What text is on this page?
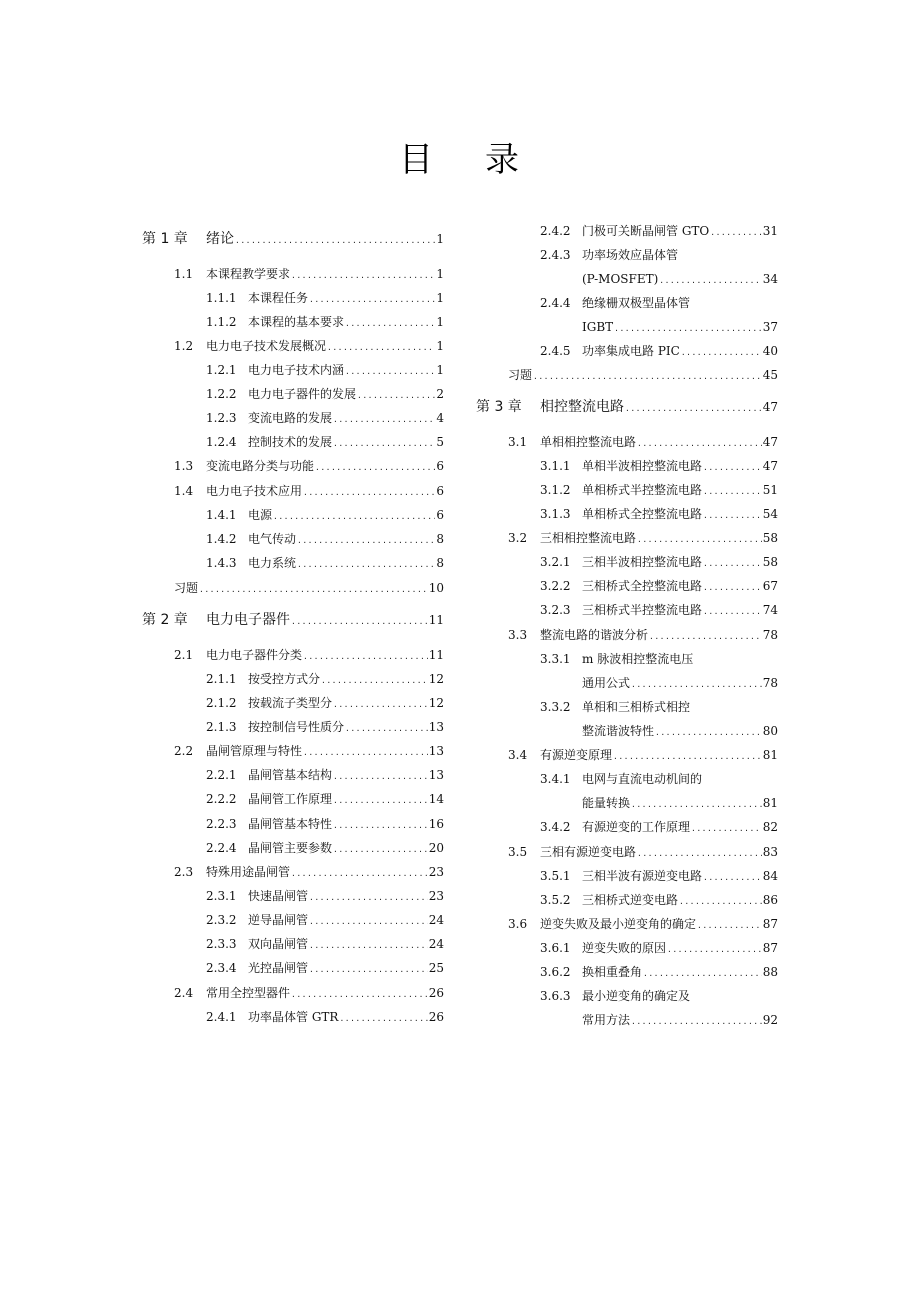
目 录
第 1 章	绪论 .....	1
1.1	本课程教学要求 .....	1
1.1.1 本课程任务 .....	1
1.1.2 本课程的基本要求 .....	1
1.2	电力电子技术发展概况 .....	1
1.2.1 电力电子技术内涵 .....	1
1.2.2 电力电子器件的发展 .....	2
1.2.3 变流电路的发展 .....	4
1.2.4 控制技术的发展 .....	5
1.3	变流电路分类与功能 .....	6
1.4	电力电子技术应用 .....	6
1.4.1 电源 .....	6
1.4.2 电气传动 .....	8
1.4.3 电力系统 .....	8
习题 .....	10
第 2 章	电力电子器件 .....	11
2.1	电力电子器件分类 .....	11
2.1.1 按受控方式分 .....	12
2.1.2 按载流子类型分 .....	12
2.1.3 按控制信号性质分 .....	13
2.2	晶闸管原理与特性 .....	13
2.2.1 晶闸管基本结构 .....	13
2.2.2 晶闸管工作原理 .....	14
2.2.3 晶闸管基本特性 .....	16
2.2.4 晶闸管主要参数 .....	20
2.3	特殊用途晶闸管 .....	23
2.3.1 快速晶闸管 .....	23
2.3.2 逆导晶闸管 .....	24
2.3.3 双向晶闸管 .....	24
2.3.4 光控晶闸管 .....	25
2.4	常用全控型器件 .....	26
2.4.1 功率晶体管 GTR .....	26
2.4.2 门极可关断晶闸管 GTO .....	31
2.4.3 功率场效应晶体管
(P-MOSFET) .....	34
2.4.4 绝缘栅双极型晶体管
IGBT .....	37
2.4.5 功率集成电路 PIC .....	40
习题 .....	45
第 3 章	相控整流电路 .....	47
3.1	单相相控整流电路 .....	47
3.1.1 单相半波相控整流电路 .....	47
3.1.2 单相桥式半控整流电路 .....	51
3.1.3 单相桥式全控整流电路 .....	54
3.2	三相相控整流电路 .....	58
3.2.1 三相半波相控整流电路 .....	58
3.2.2 三相桥式全控整流电路 .....	67
3.2.3 三相桥式半控整流电路 .....	74
3.3	整流电路的谐波分析 .....	78
3.3.1 m 脉波相控整流电压
通用公式 .....	78
3.3.2 单相和三相桥式相控
整流谐波特性 .....	80
3.4	有源逆变原理 .....	81
3.4.1 电网与直流电动机间的
能量转换 .....	81
3.4.2 有源逆变的工作原理 .....	82
3.5	三相有源逆变电路 .....	83
3.5.1 三相半波有源逆变电路 .....	84
3.5.2 三相桥式逆变电路 .....	86
3.6	逆变失败及最小逆变角的确定 .....	87
3.6.1 逆变失败的原因 .....	87
3.6.2 换相重叠角 .....	88
3.6.3 最小逆变角的确定及
常用方法 .....	92
